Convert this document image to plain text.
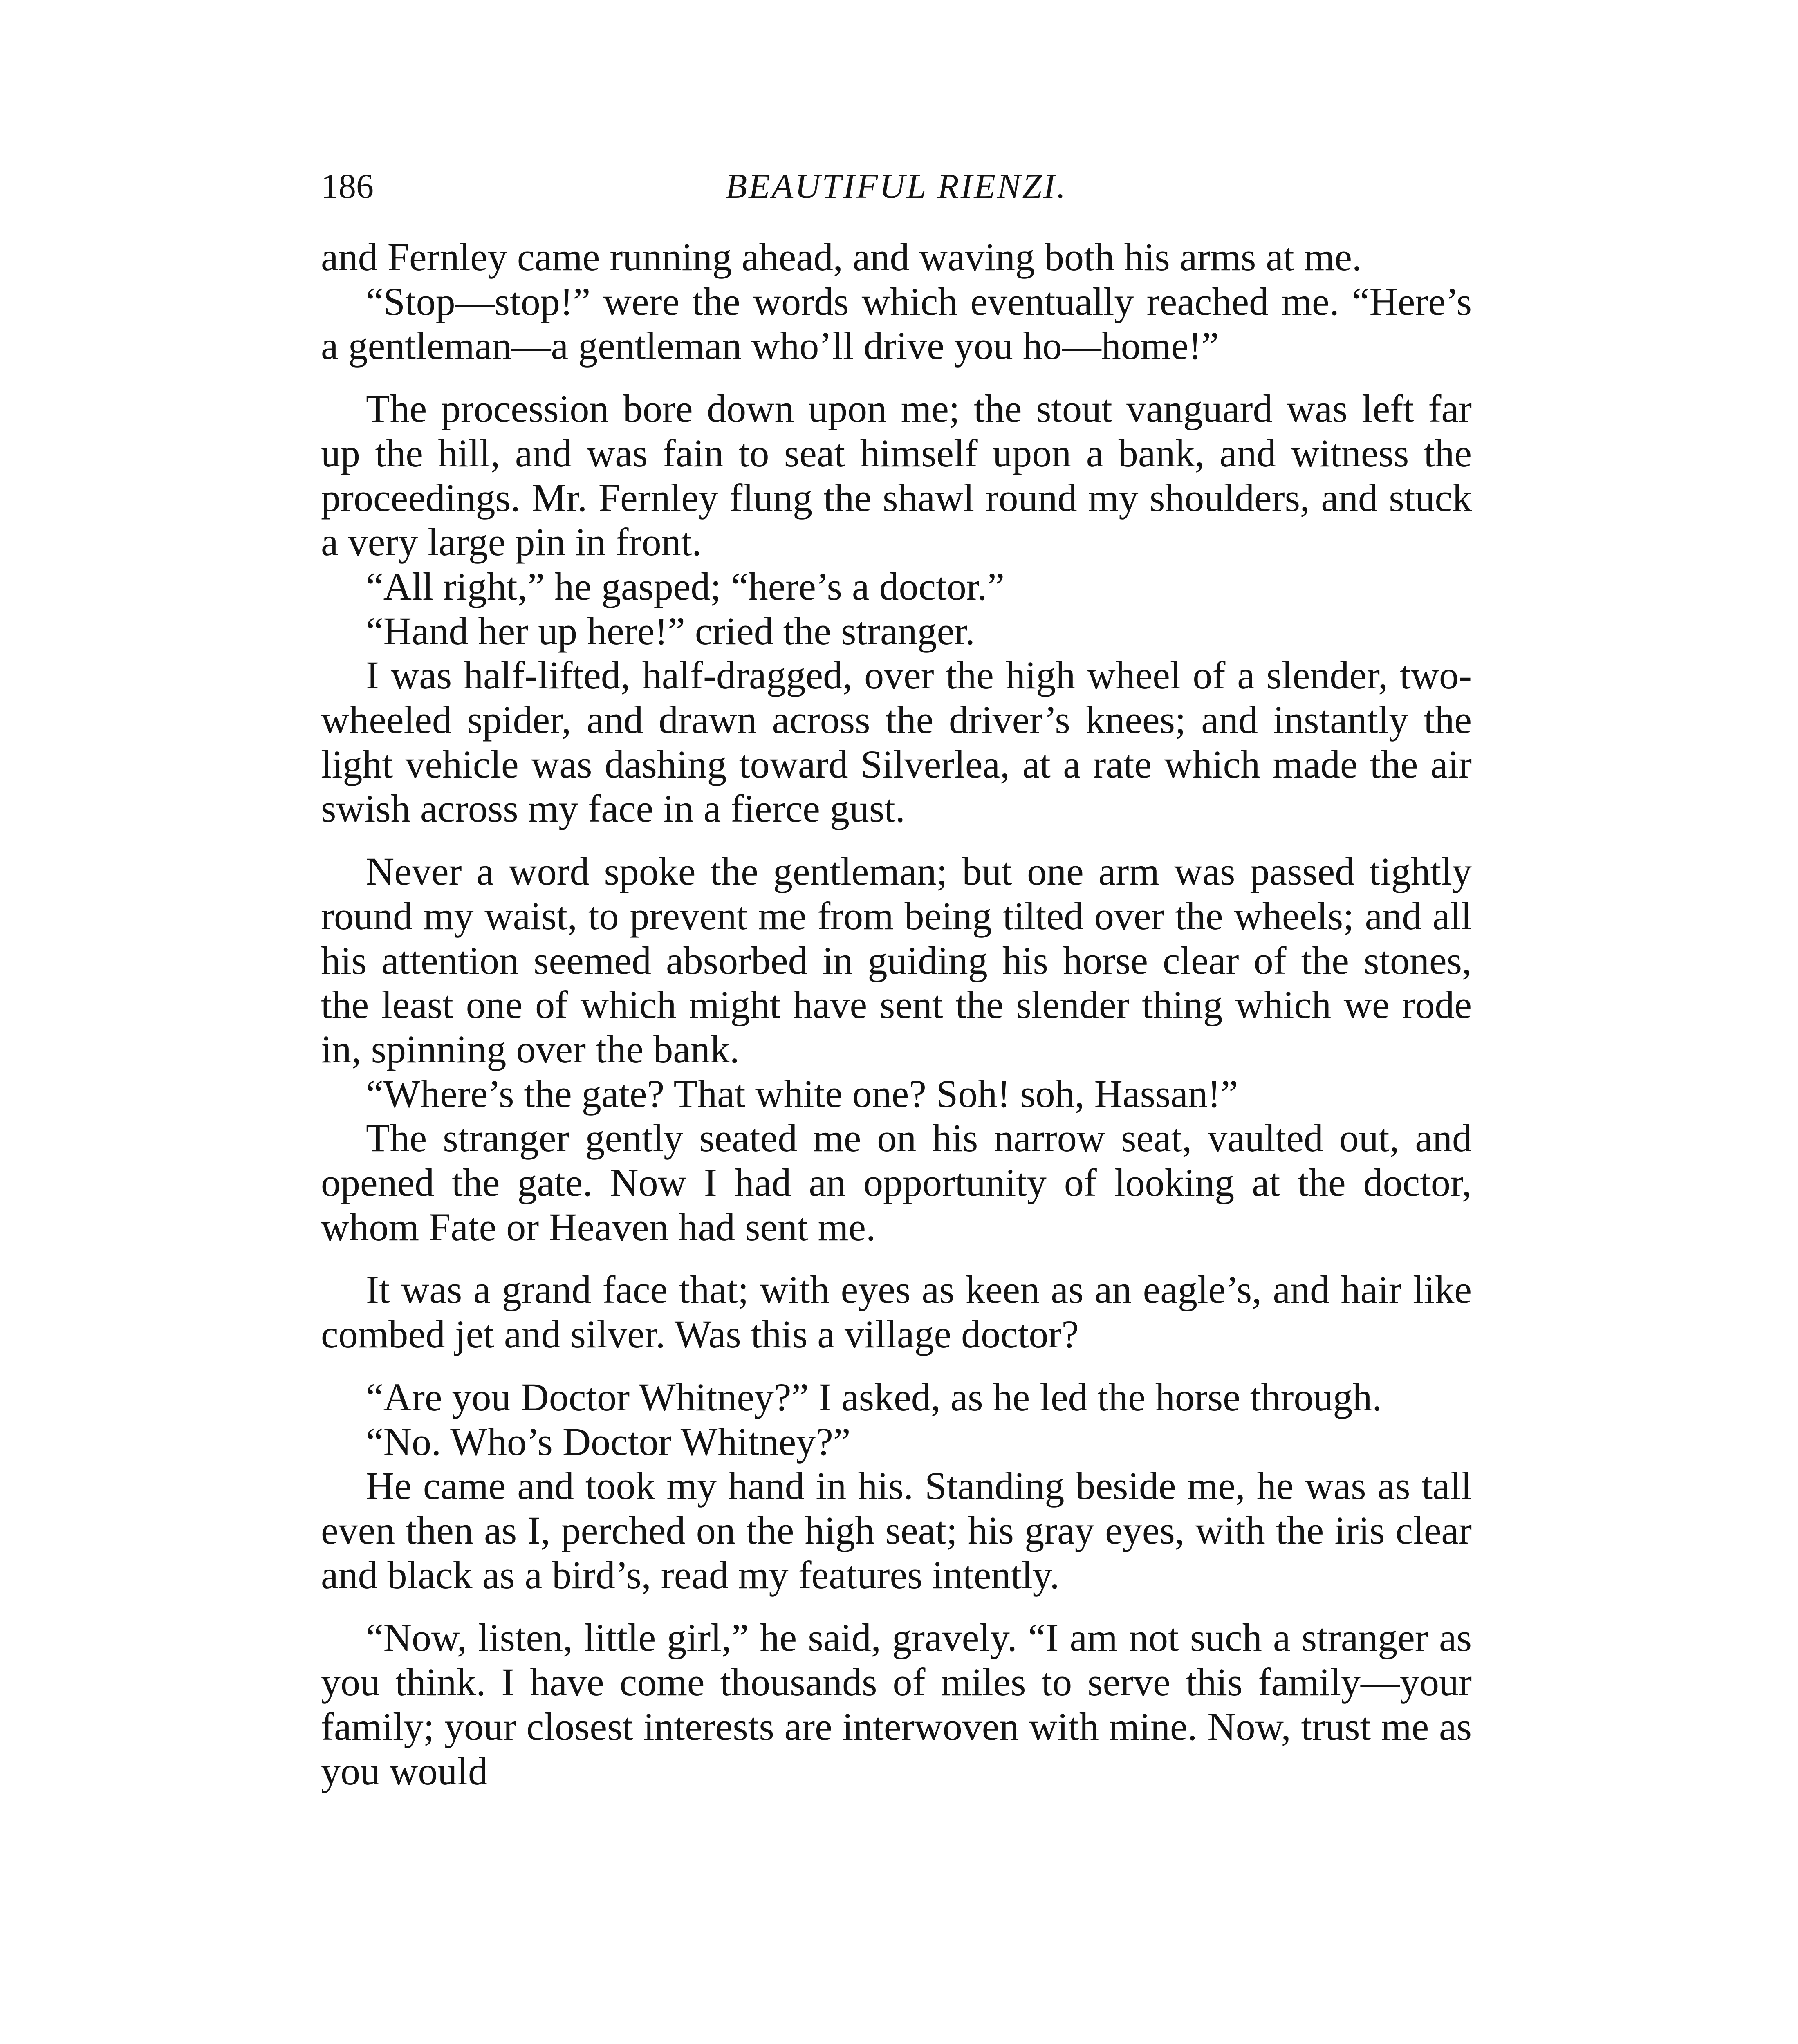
186	BEAUTIFUL RIENZI.

and Fernley came running ahead, and waving both his arms at me.

“Stop—stop!” were the words which eventually reached me. “Here’s a gentleman—a gentleman who’ll drive you ho—home!”

The procession bore down upon me; the stout vanguard was left far up the hill, and was fain to seat himself upon a bank, and witness the proceedings. Mr. Fernley flung the shawl round my shoulders, and stuck a very large pin in front.

“All right,” he gasped; “here’s a doctor.”

“Hand her up here!” cried the stranger.

I was half-lifted, half-dragged, over the high wheel of a slender, two-wheeled spider, and drawn across the driver’s knees; and instantly the light vehicle was dashing toward Silverlea, at a rate which made the air swish across my face in a fierce gust.

Never a word spoke the gentleman; but one arm was passed tightly round my waist, to prevent me from being tilted over the wheels; and all his attention seemed absorbed in guiding his horse clear of the stones, the least one of which might have sent the slender thing which we rode in, spinning over the bank.

“Where’s the gate? That white one? Soh! soh, Hassan!”

The stranger gently seated me on his narrow seat, vaulted out, and opened the gate. Now I had an opportunity of looking at the doctor, whom Fate or Heaven had sent me.

It was a grand face that; with eyes as keen as an eagle’s, and hair like combed jet and silver. Was this a village doctor?

“Are you Doctor Whitney?” I asked, as he led the horse through.

“No. Who’s Doctor Whitney?”

He came and took my hand in his. Standing beside me, he was as tall even then as I, perched on the high seat; his gray eyes, with the iris clear and black as a bird’s, read my features intently.

“Now, listen, little girl,” he said, gravely. “I am not such a stranger as you think. I have come thousands of miles to serve this family—your family; your closest interests are interwoven with mine. Now, trust me as you would
